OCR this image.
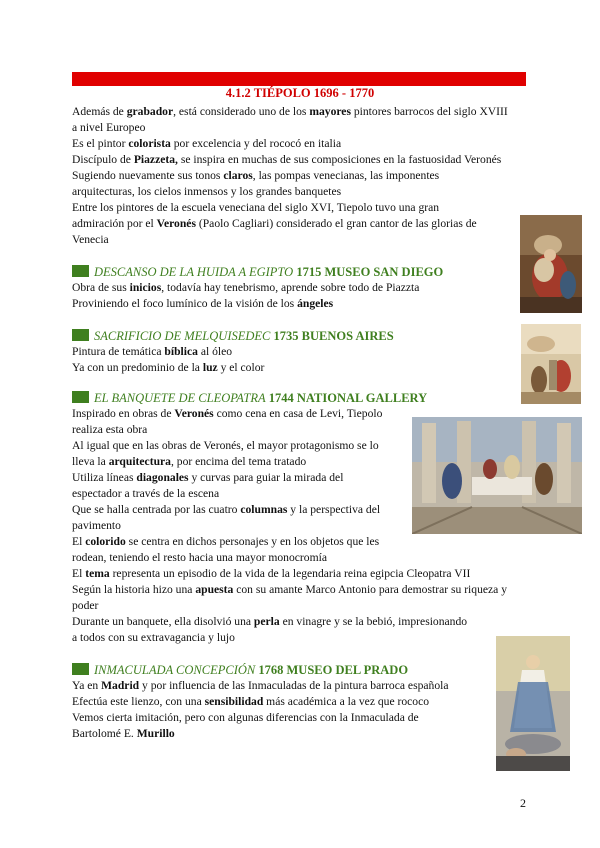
4.1.2 TIÉPOLO 1696 - 1770

Además de grabador, está considerado uno de los mayores pintores barrocos del siglo XVIII

a nivel Europeo

Es el pintor colorista por excelencia y del rococó en italia

Discípulo de Piazzeta, se inspira en muchas de sus composiciones en la fastuosidad Veronés

Sugiendo nuevamente sus tonos claros, las pompas venecianas, las imponentes

arquitecturas, los cielos inmensos y los grandes banquetes

Entre los pintores de la escuela veneciana del siglo XVI, Tiepolo tuvo una gran

admiración por el Veronés (Paolo Cagliari) considerado el gran cantor de las glorias de

Venecia

DESCANSO DE LA HUIDA A EGIPTO 1715 MUSEO SAN DIEGO

Obra de sus inicios, todavía hay tenebrismo, aprende sobre todo de Piazzta

Proviniendo el foco lumínico de la visión de los ángeles

SACRIFICIO DE MELQUISEDEC 1735 BUENOS AIRES

Pintura de temática bíblica al óleo

Ya con un predominio de la luz y el color

EL BANQUETE DE CLEOPATRA 1744 NATIONAL GALLERY

Inspirado en obras de Veronés como cena en casa de Levi, Tiepolo

realiza esta obra

Al igual que en las obras de Veronés, el mayor protagonismo se lo

lleva la arquitectura, por encima del tema tratado

Utiliza líneas diagonales y curvas para guiar la mirada del

espectador a través de la escena

Que se halla centrada por las cuatro columnas y la perspectiva del

pavimento

El colorido se centra en dichos personajes y en los objetos que les

rodean, teniendo el resto hacia una mayor monocromía

El tema representa un episodio de la vida de la legendaria reina egipcia Cleopatra VII

Según la historia hizo una apuesta con su amante Marco Antonio para demostrar su riqueza y

poder

Durante un banquete, ella disolvió una perla en vinagre y se la bebió, impresionando

a todos con su extravagancia y lujo

INMACULADA CONCEPCIÓN 1768 MUSEO DEL PRADO

Ya en Madrid y por influencia de las Inmaculadas de la pintura barroca española

Efectúa este lienzo, con una sensibilidad más académica a la vez que rococo

Vemos cierta imitación, pero con algunas diferencias con la Inmaculada de

Bartolomé E. Murillo

2
